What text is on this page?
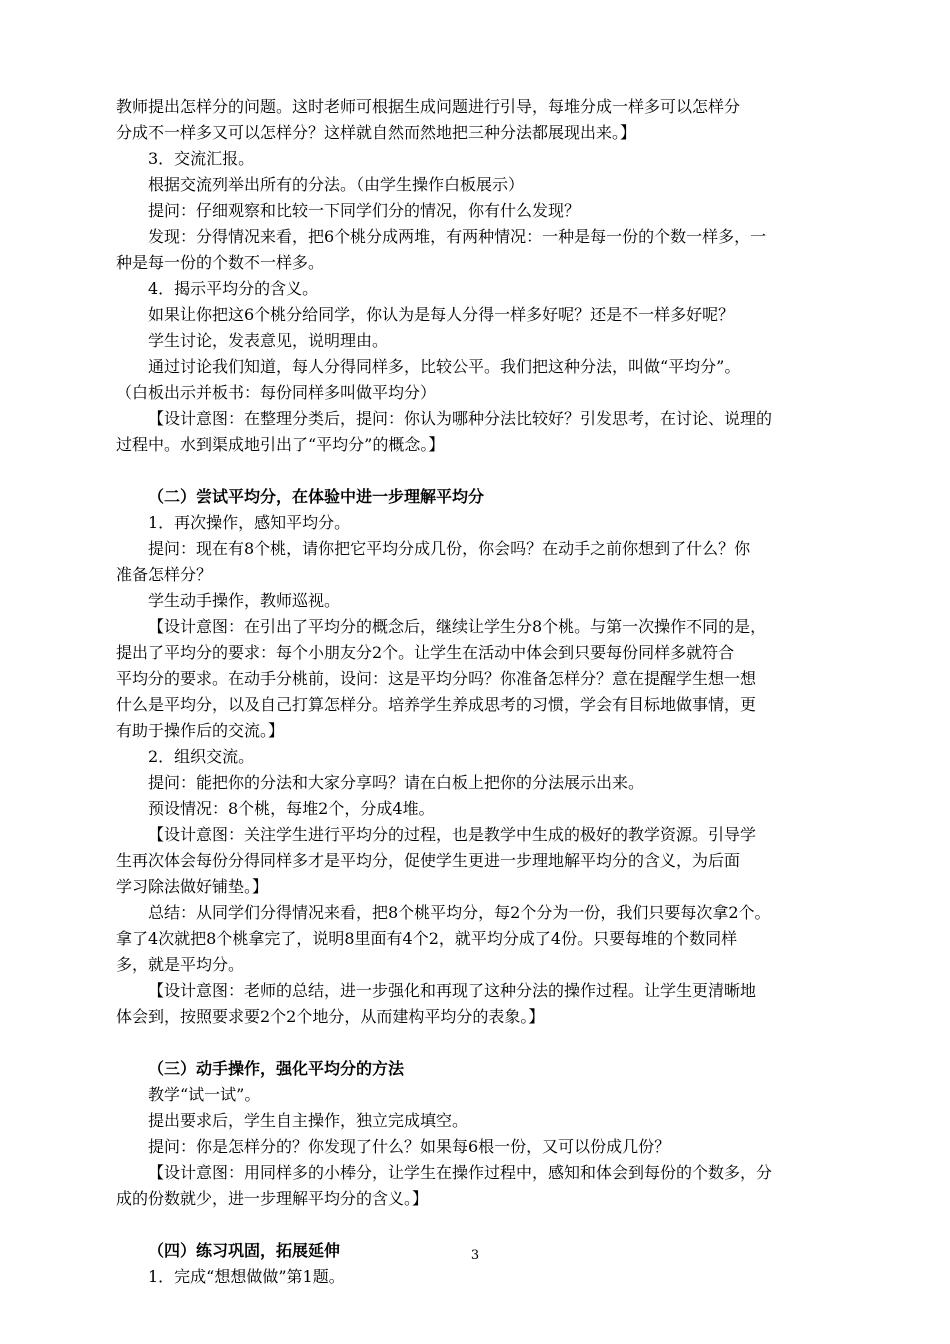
教师提出怎样分的问题。这时老师可根据生成问题进行引导，每堆分成一样多可以怎样分
分成不一样多又可以怎样分？这样就自然而然地把三种分法都展现出来。】
3．交流汇报。
根据交流列举出所有的分法。（由学生操作白板展示）
提问：仔细观察和比较一下同学们分的情况，你有什么发现？
发现：分得情况来看，把6个桃分成两堆，有两种情况：一种是每一份的个数一样多，一
种是每一份的个数不一样多。
4．揭示平均分的含义。
如果让你把这6个桃分给同学，你认为是每人分得一样多好呢？还是不一样多好呢？
学生讨论，发表意见，说明理由。
通过讨论我们知道，每人分得同样多，比较公平。我们把这种分法，叫做“平均分”。
（白板出示并板书：每份同样多叫做平均分）
【设计意图：在整理分类后，提问：你认为哪种分法比较好？引发思考，在讨论、说理的
过程中。水到渠成地引出了“平均分”的概念。】
（二）尝试平均分，在体验中进一步理解平均分
1．再次操作，感知平均分。
提问：现在有8个桃，请你把它平均分成几份，你会吗？在动手之前你想到了什么？你
准备怎样分？
学生动手操作，教师巡视。
【设计意图：在引出了平均分的概念后，继续让学生分8个桃。与第一次操作不同的是，
提出了平均分的要求：每个小朋友分2个。让学生在活动中体会到只要每份同样多就符合
平均分的要求。在动手分桃前，设问：这是平均分吗？你准备怎样分？意在提醒学生想一想
什么是平均分，以及自己打算怎样分。培养学生养成思考的习惯，学会有目标地做事情，更
有助于操作后的交流。】
2．组织交流。
提问：能把你的分法和大家分享吗？请在白板上把你的分法展示出来。
预设情况：8个桃，每堆2个，分成4堆。
【设计意图：关注学生进行平均分的过程，也是教学中生成的极好的教学资源。引导学
生再次体会每份分得同样多才是平均分，促使学生更进一步理地解平均分的含义，为后面
学习除法做好铺垫。】
总结：从同学们分得情况来看，把8个桃平均分，每2个分为一份，我们只要每次拿2个。
拿了4次就把8个桃拿完了，说明8里面有4个2，就平均分成了4份。只要每堆的个数同样
多，就是平均分。
【设计意图：老师的总结，进一步强化和再现了这种分法的操作过程。让学生更清晰地
体会到，按照要求要2个2个地分，从而建构平均分的表象。】
（三）动手操作，强化平均分的方法
教学“试一试”。
提出要求后，学生自主操作，独立完成填空。
提问：你是怎样分的？你发现了什么？如果每6根一份，又可以份成几份？
【设计意图：用同样多的小棒分，让学生在操作过程中，感知和体会到每份的个数多，分
成的份数就少，进一步理解平均分的含义。】
（四）练习巩固，拓展延伸
1．完成“想想做做”第1题。
3
